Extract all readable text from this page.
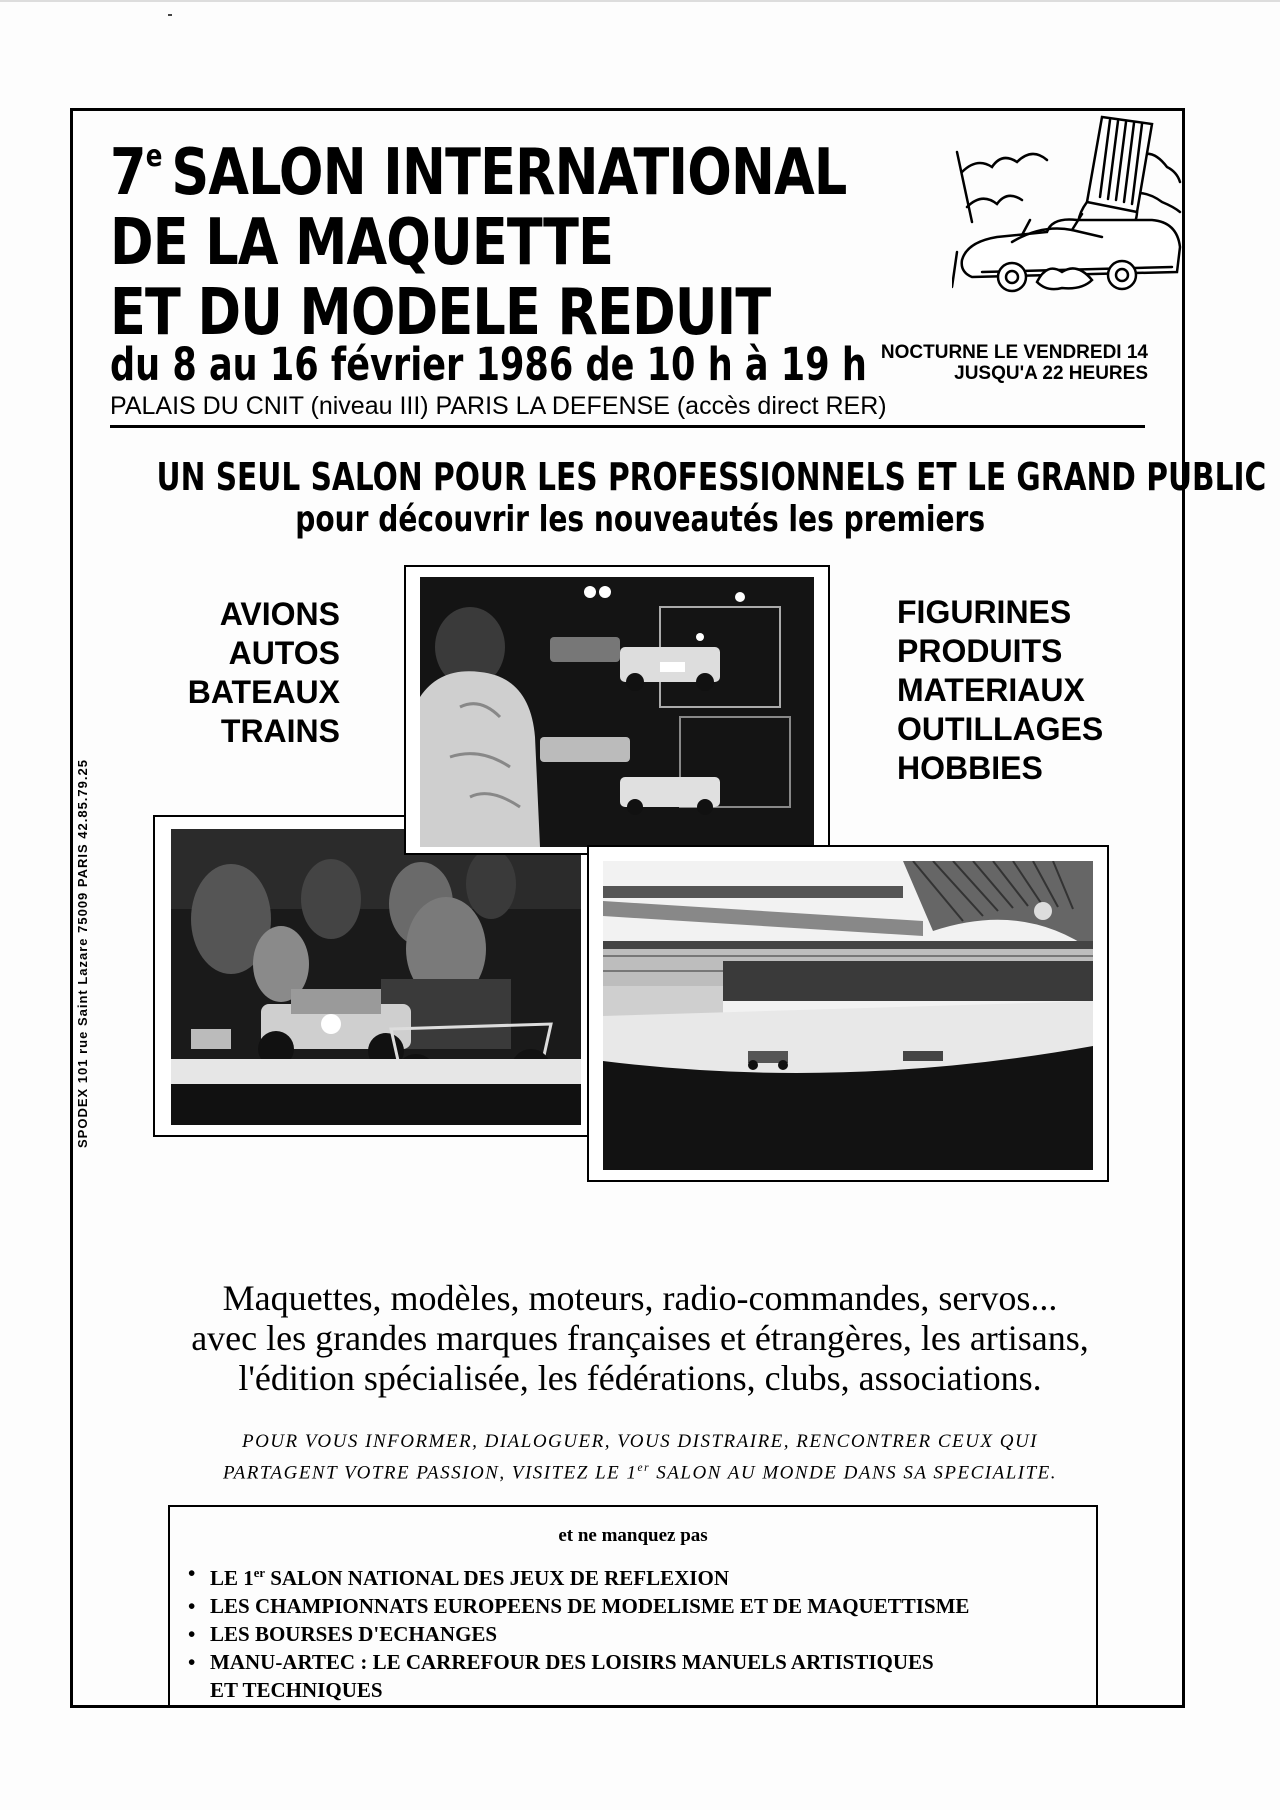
7e SALON INTERNATIONAL
DE LA MAQUETTE
ET DU MODELE REDUIT
du 8 au 16 février 1986 de 10 h à 19 h NOCTURNE LE VENDREDI 14
JUSQU'A 22 HEURES
PALAIS DU CNIT (niveau III) PARIS LA DEFENSE (accès direct RER)
UN SEUL SALON POUR LES PROFESSIONNELS ET LE GRAND PUBLIC
pour découvrir les nouveautés les premiers
AVIONS
AUTOS
BATEAUX
TRAINS
FIGURINES
PRODUITS
MATERIAUX
OUTILLAGES
HOBBIES
SPODEX 101 rue Saint Lazare 75009 PARIS 42.85.79.25
Maquettes, modèles, moteurs, radio-commandes, servos...
avec les grandes marques françaises et étrangères, les artisans,
l'édition spécialisée, les fédérations, clubs, associations.
POUR VOUS INFORMER, DIALOGUER, VOUS DISTRAIRE, RENCONTRER CEUX QUI
PARTAGENT VOTRE PASSION, VISITEZ LE 1er SALON AU MONDE DANS SA SPECIALITE.
et ne manquez pas
• LE 1er SALON NATIONAL DES JEUX DE REFLEXION
• LES CHAMPIONNATS EUROPEENS DE MODELISME ET DE MAQUETTISME
• LES BOURSES D'ECHANGES
• MANU-ARTEC : LE CARREFOUR DES LOISIRS MANUELS ARTISTIQUES
ET TECHNIQUES
